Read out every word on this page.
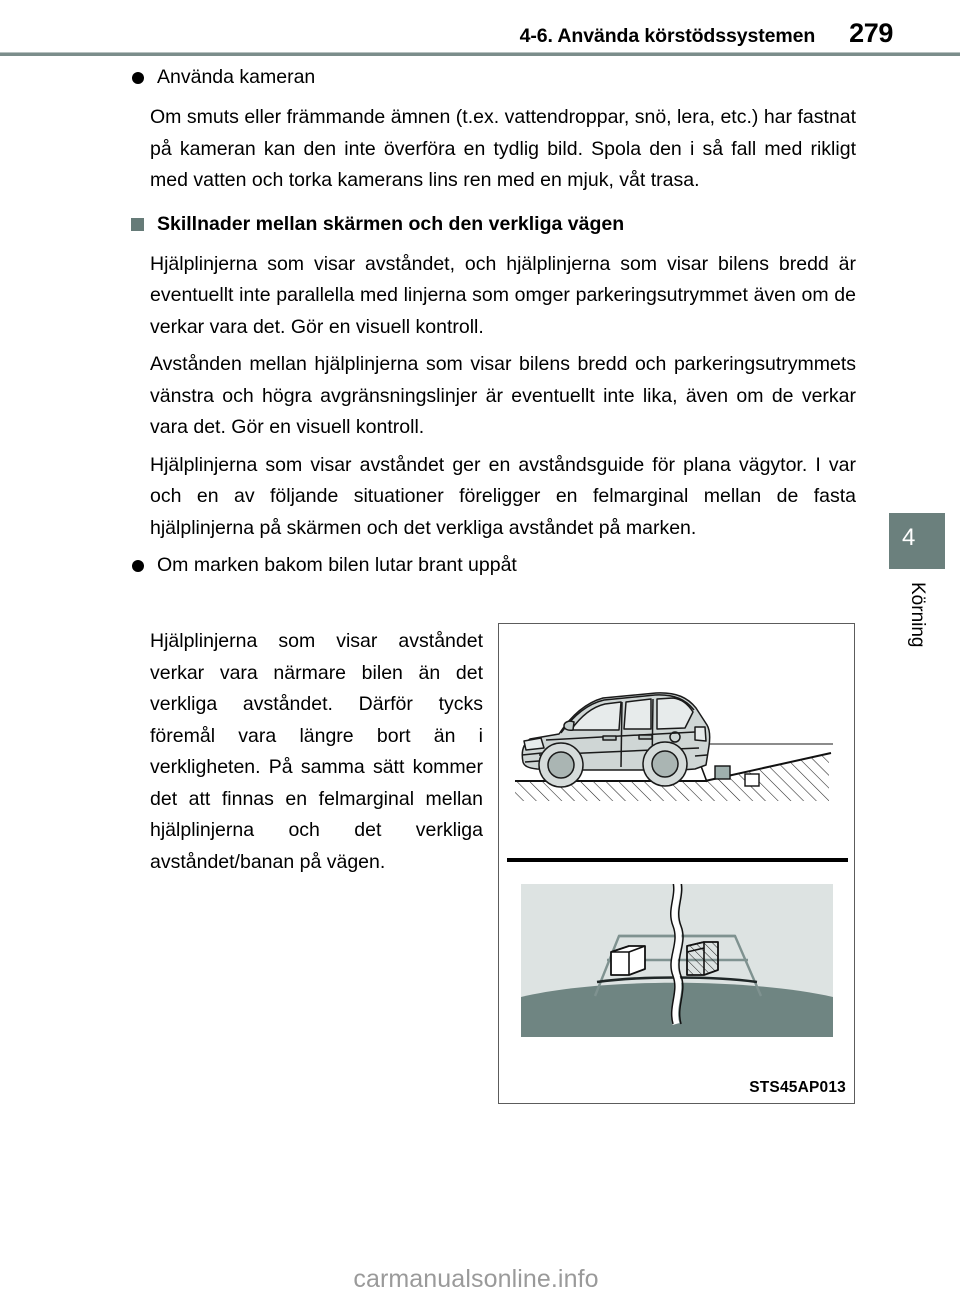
4-6. Använda körstödssystemen 279
Använda kameran

Om smuts eller främmande ämnen (t.ex. vattendroppar, snö, lera, etc.) har fastnat på kameran kan den inte överföra en tydlig bild. Spola den i så fall med rikligt med vatten och torka kamerans lins ren med en mjuk, våt trasa.

Skillnader mellan skärmen och den verkliga vägen

Hjälplinjerna som visar avståndet, och hjälplinjerna som visar bilens bredd är eventuellt inte parallella med linjerna som omger parkeringsutrymmet även om de verkar vara det. Gör en visuell kontroll.

Avstånden mellan hjälplinjerna som visar bilens bredd och parkeringsutrymmets vänstra och högra avgränsningslinjer är eventuellt inte lika, även om de verkar vara det. Gör en visuell kontroll.

Hjälplinjerna som visar avståndet ger en avståndsguide för plana vägytor. I var och en av följande situationer föreligger en felmarginal mellan de fasta hjälplinjerna på skärmen och det verkliga avståndet på marken.

Om marken bakom bilen lutar brant uppåt
Hjälplinjerna som visar avståndet verkar vara närmare bilen än det verkliga avståndet. Därför tycks föremål vara längre bort än i verkligheten. På samma sätt kommer det att finnas en felmarginal mellan hjälplinjerna och det verkliga avståndet/banan på vägen.
STS45AP013
4
Körning
carmanualsonline.info
